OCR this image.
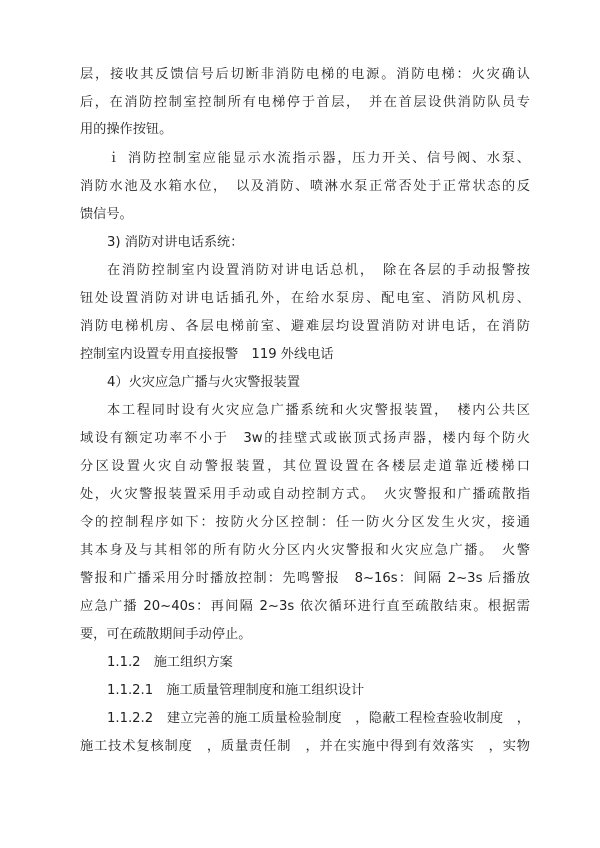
层，接收其反馈信号后切断非消防电梯的电源。消防电梯：火灾确认
后，在消防控制室控制所有电梯停于首层，　并在首层设供消防队员专
用的操作按钮。
ｉ 消防控制室应能显示水流指示器，压力开关、信号阀、水泵、
消防水池及水箱水位，　以及消防、喷淋水泵正常否处于正常状态的反
馈信号。
3) 消防对讲电话系统：
在消防控制室内设置消防对讲电话总机，　除在各层的手动报警按
钮处设置消防对讲电话插孔外，在给水泵房、配电室、消防风机房、
消防电梯机房、各层电梯前室、避难层均设置消防对讲电话，在消防
控制室内设置专用直接报警　119 外线电话
4）火灾应急广播与火灾警报装置
本工程同时设有火灾应急广播系统和火灾警报装置，　楼内公共区
域设有额定功率不小于　3w的挂壁式或嵌顶式扬声器，楼内每个防火
分区设置火灾自动警报装置，其位置设置在各楼层走道靠近楼梯口
处，火灾警报装置采用手动或自动控制方式。　火灾警报和广播疏散指
令的控制程序如下：按防火分区控制：任一防火分区发生火灾，接通
其本身及与其相邻的所有防火分区内火灾警报和火灾应急广播。　火警
警报和广播采用分时播放控制：先鸣警报　8~16s：间隔 2~3s 后播放
应急广播 20~40s：再间隔 2~3s 依次循环进行直至疏散结束。根据需
要，可在疏散期间手动停止。
1.1.2　施工组织方案
1.1.2.1　施工质量管理制度和施工组织设计
1.1.2.2　建立完善的施工质量检验制度　，隐蔽工程检查验收制度　，
施工技术复核制度　，质量责任制　，并在实施中得到有效落实　，实物
